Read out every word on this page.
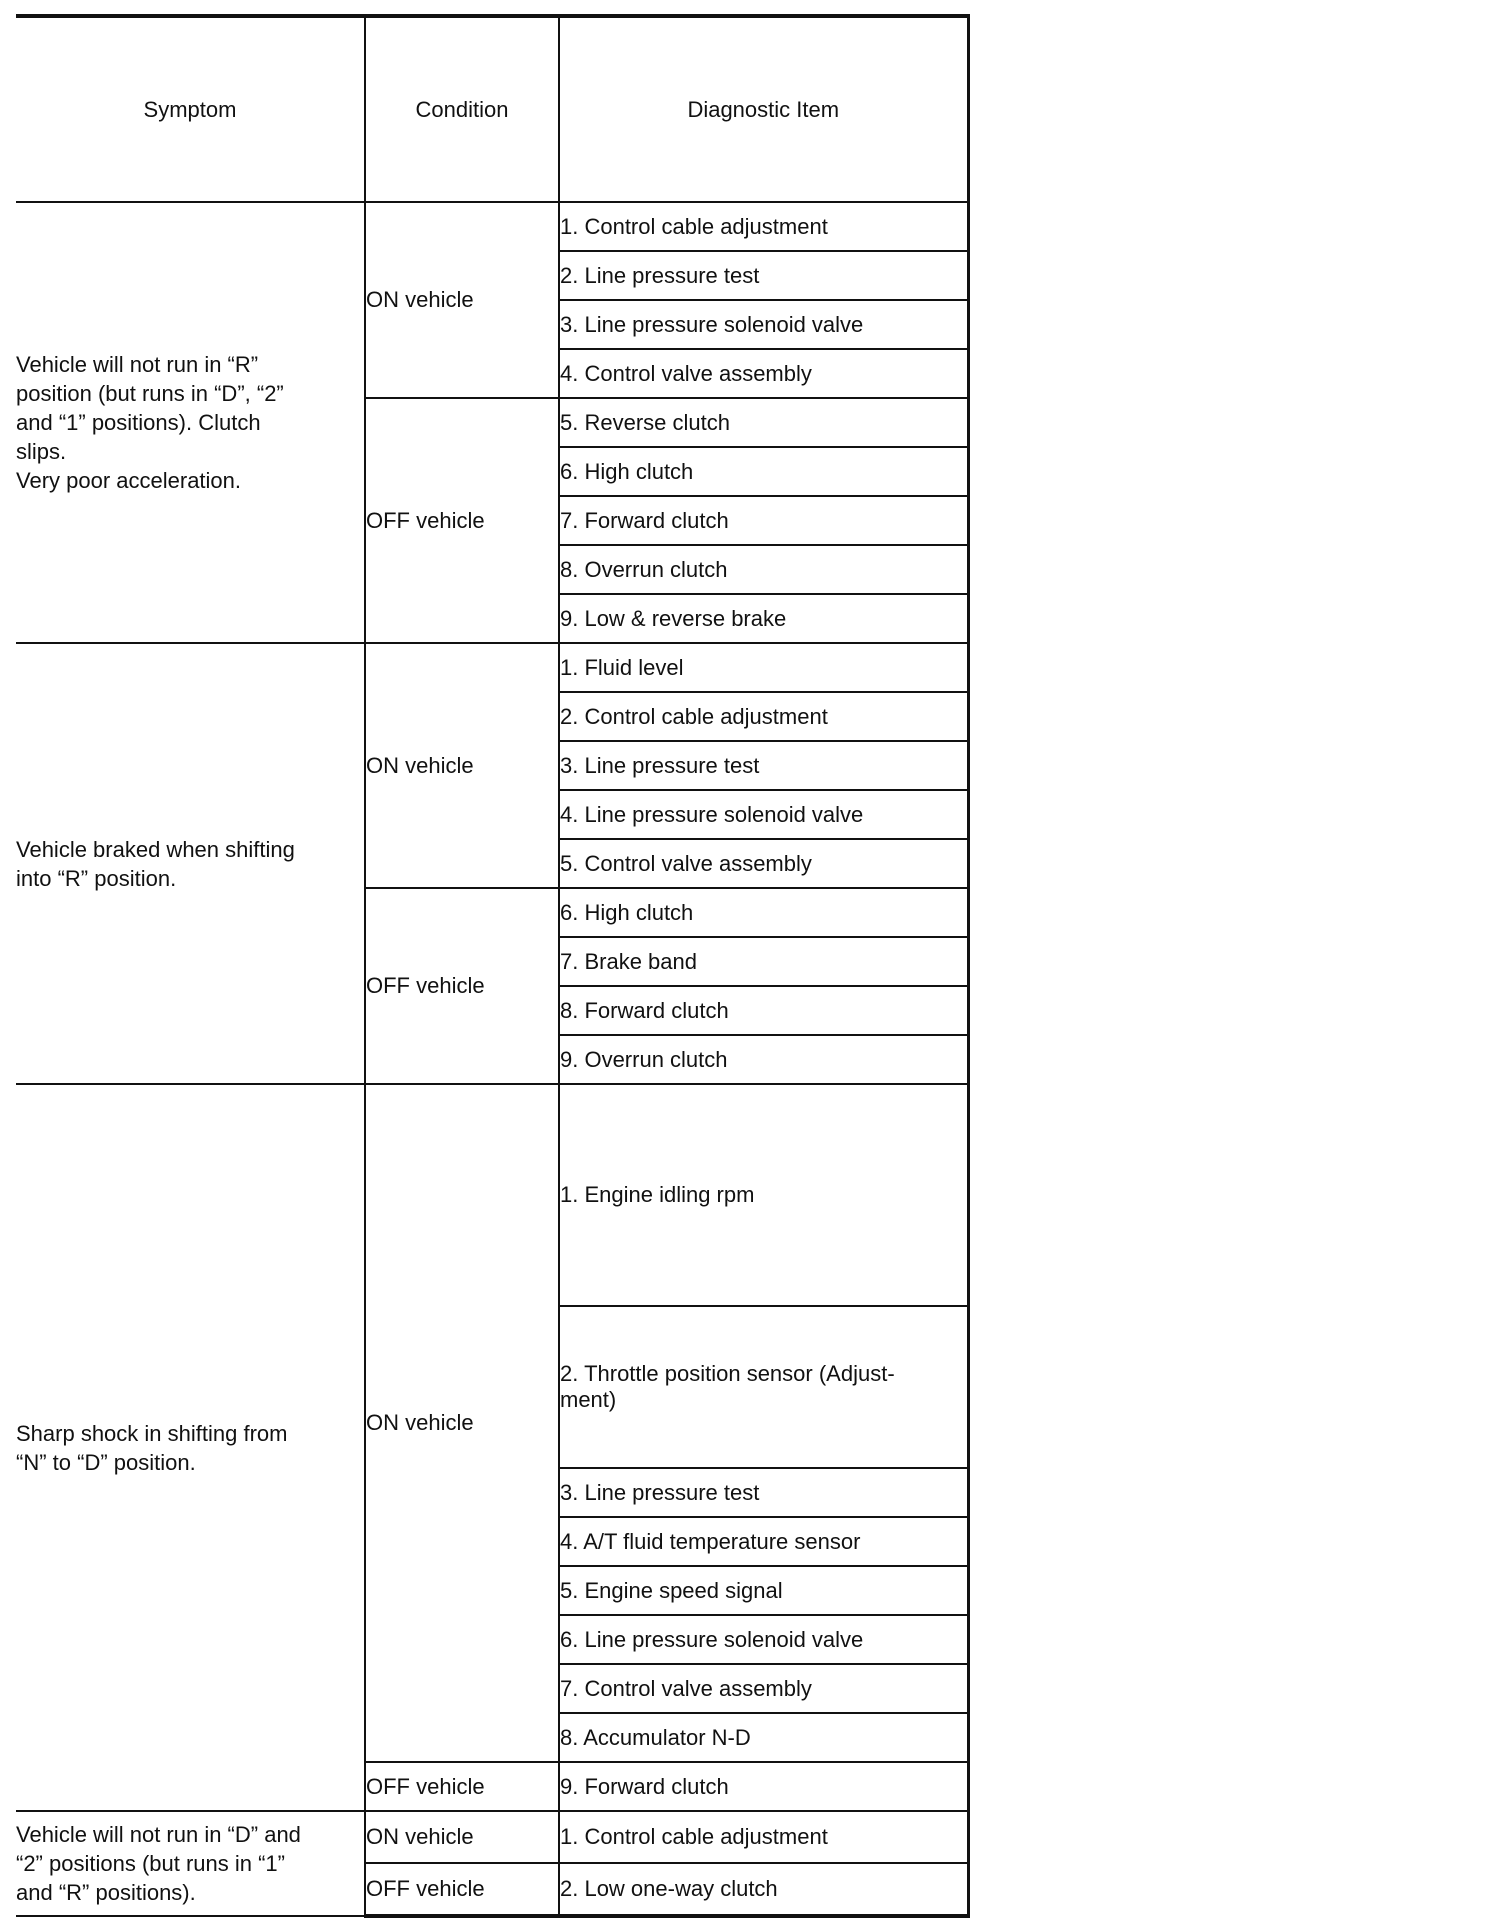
Symptom	Condition	Diagnostic Item

Vehicle will not run in “R”
position (but runs in “D”, “2”
and “1” positions). Clutch
slips.
Very poor acceleration.	ON vehicle	1. Control cable adjustment
		2. Line pressure test
		3. Line pressure solenoid valve
		4. Control valve assembly
	OFF vehicle	5. Reverse clutch
		6. High clutch
		7. Forward clutch
		8. Overrun clutch
		9. Low & reverse brake

Vehicle braked when shifting
into “R” position.	ON vehicle	1. Fluid level
		2. Control cable adjustment
		3. Line pressure test
		4. Line pressure solenoid valve
		5. Control valve assembly
	OFF vehicle	6. High clutch
		7. Brake band
		8. Forward clutch
		9. Overrun clutch

Sharp shock in shifting from
“N” to “D” position.	ON vehicle	1. Engine idling rpm
		2. Throttle position sensor (Adjust-
ment)
		3. Line pressure test
		4. A/T fluid temperature sensor
		5. Engine speed signal
		6. Line pressure solenoid valve
		7. Control valve assembly
		8. Accumulator N-D
	OFF vehicle	9. Forward clutch

Vehicle will not run in “D” and
“2” positions (but runs in “1”
and “R” positions).	ON vehicle	1. Control cable adjustment
	OFF vehicle	2. Low one-way clutch
